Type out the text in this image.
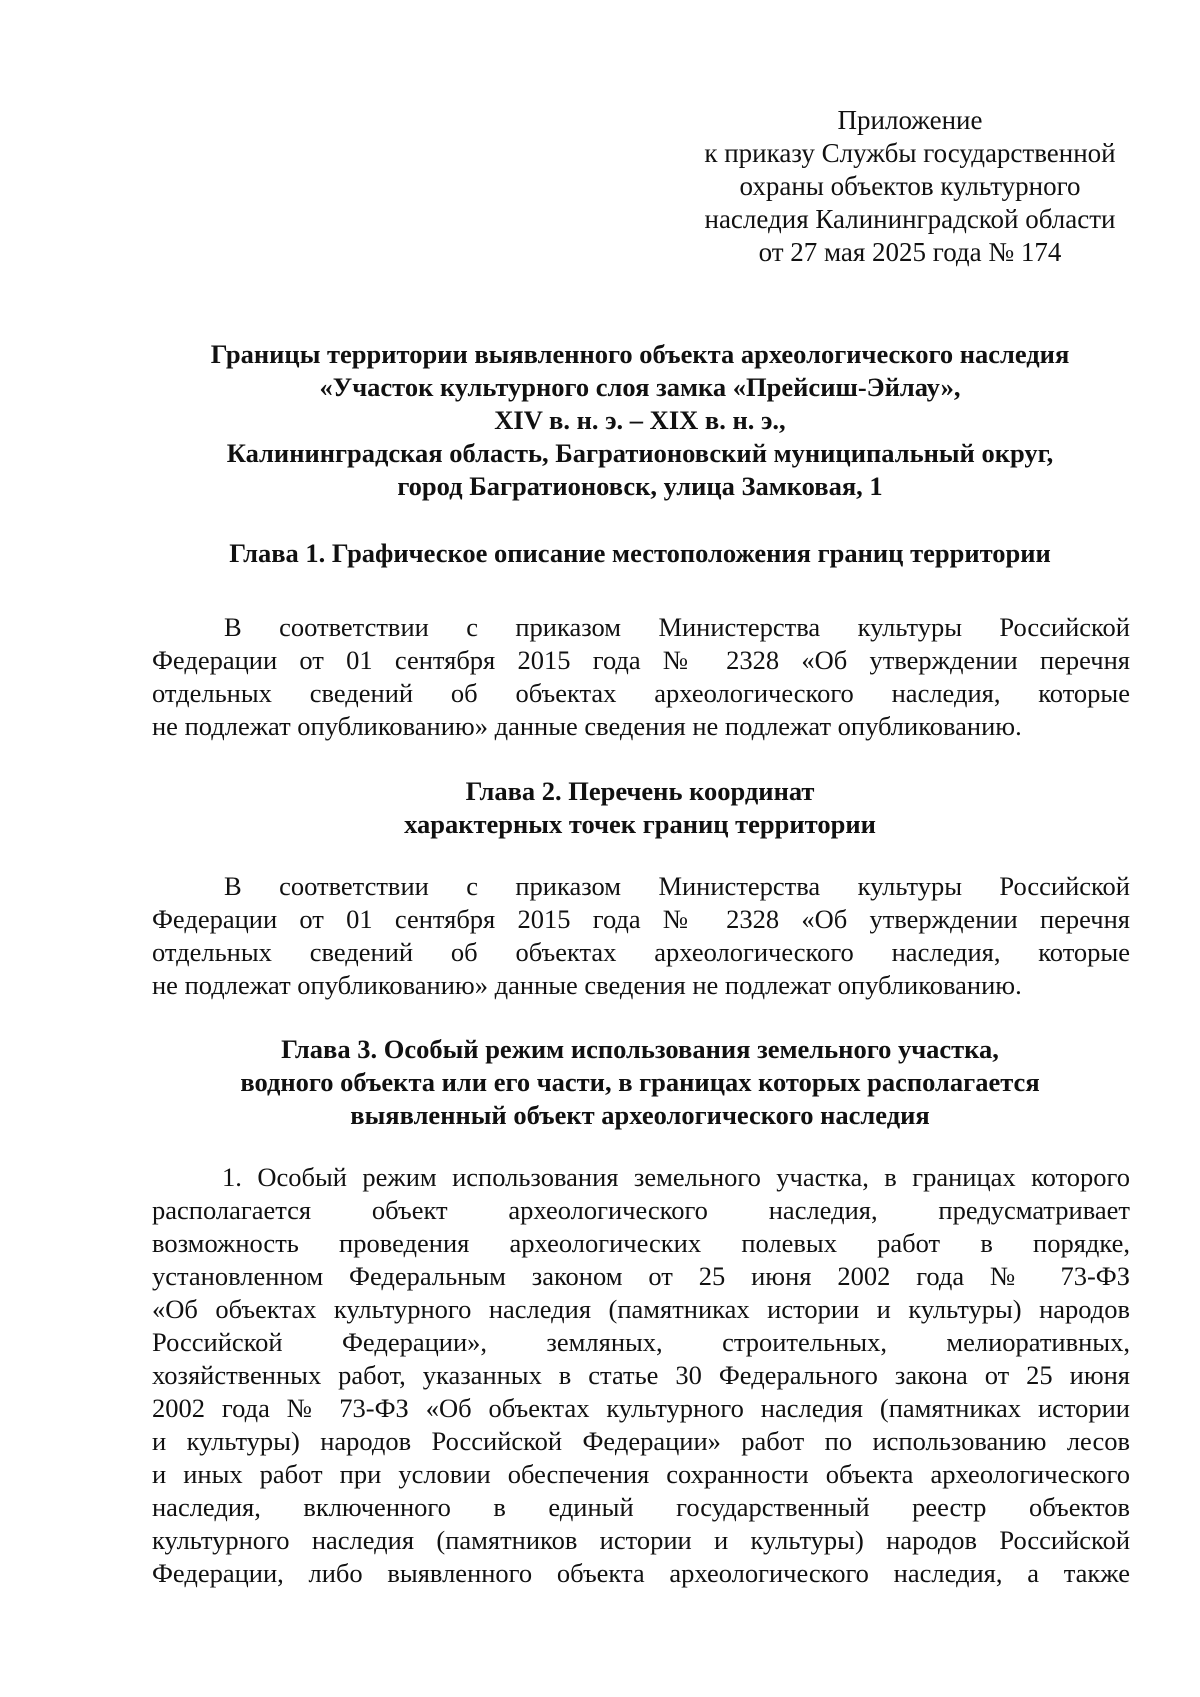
Приложение
к приказу Службы государственной
охраны объектов культурного
наследия Калининградской области
от 27 мая 2025 года № 174
Границы территории выявленного объекта археологического наследия
«Участок культурного слоя замка «Прейсиш-Эйлау»,
XIV в. н. э. – XIX в. н. э.,
Калининградская область, Багратионовский муниципальный округ,
город Багратионовск, улица Замковая, 1
Глава 1. Графическое описание местоположения границ территории
В соответствии с приказом Министерства культуры Российской
Федерации от 01 сентября 2015 года № 2328 «Об утверждении перечня
отдельных сведений об объектах археологического наследия, которые
не подлежат опубликованию» данные сведения не подлежат опубликованию.
Глава 2. Перечень координат
характерных точек границ территории
В соответствии с приказом Министерства культуры Российской
Федерации от 01 сентября 2015 года № 2328 «Об утверждении перечня
отдельных сведений об объектах археологического наследия, которые
не подлежат опубликованию» данные сведения не подлежат опубликованию.
Глава 3. Особый режим использования земельного участка,
водного объекта или его части, в границах которых располагается
выявленный объект археологического наследия
1. Особый режим использования земельного участка, в границах которого
располагается объект археологического наследия, предусматривает
возможность проведения археологических полевых работ в порядке,
установленном Федеральным законом от 25 июня 2002 года № 73-ФЗ
«Об объектах культурного наследия (памятниках истории и культуры) народов
Российской Федерации», земляных, строительных, мелиоративных,
хозяйственных работ, указанных в статье 30 Федерального закона от 25 июня
2002 года № 73-ФЗ «Об объектах культурного наследия (памятниках истории
и культуры) народов Российской Федерации» работ по использованию лесов
и иных работ при условии обеспечения сохранности объекта археологического
наследия, включенного в единый государственный реестр объектов
культурного наследия (памятников истории и культуры) народов Российской
Федерации, либо выявленного объекта археологического наследия, а также
